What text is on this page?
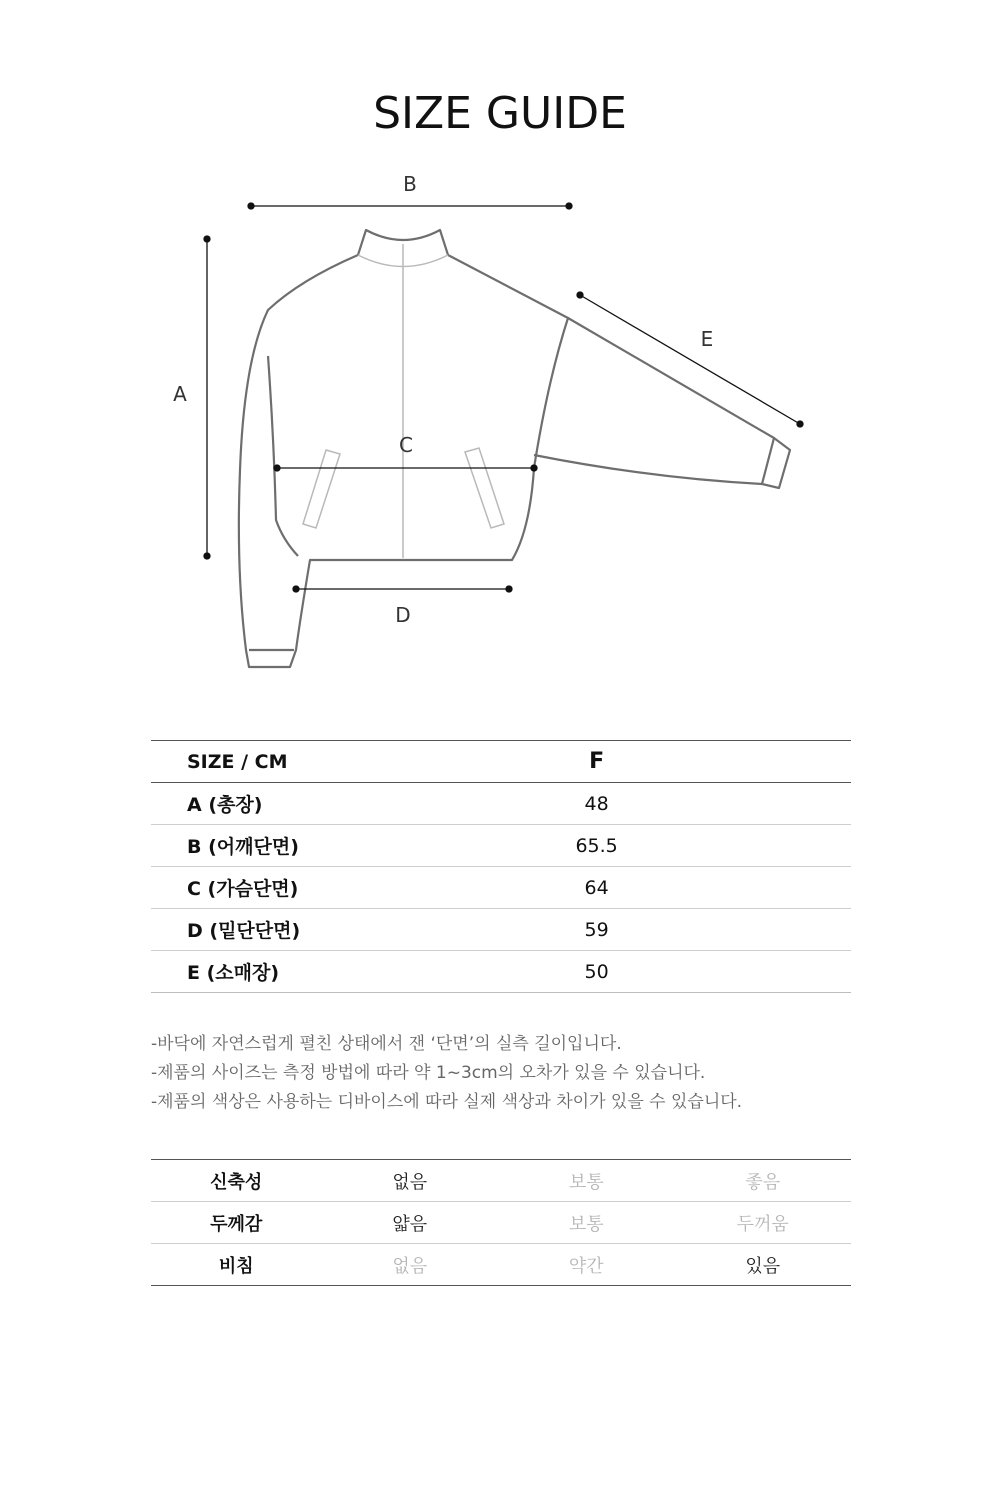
SIZE GUIDE
A
B
C
D
E
SIZE / CM	F	
A (총장)	48	
B (어깨단면)	65.5	
C (가슴단면)	64	
D (밑단단면)	59	
E (소매장)	50	

-바닥에 자연스럽게 펼친 상태에서 잰 ‘단면’의 실측 길이입니다.

-제품의 사이즈는 측정 방법에 따라 약 1~3cm의 오차가 있을 수 있습니다.

-제품의 색상은 사용하는 디바이스에 따라 실제 색상과 차이가 있을 수 있습니다.

신축성	없음	보통	좋음
두께감	얇음	보통	두꺼움
비침	없음	약간	있음
